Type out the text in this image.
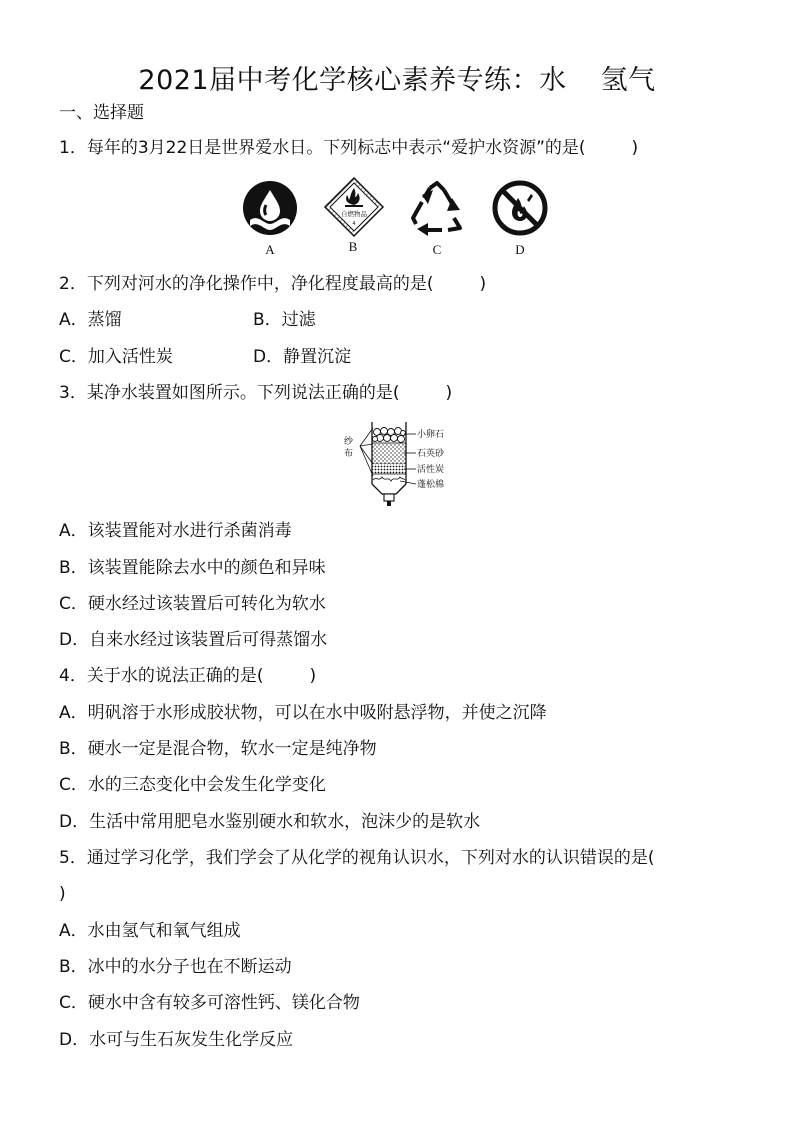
2021届中考化学核心素养专练：水 氢气
一、选择题
1．每年的3月22日是世界爱水日。下列标志中表示“爱护水资源”的是(	)
A
自燃物品
4
B	C	D
2．下列对河水的净化操作中，净化程度最高的是(	)
A．蒸馏	B．过滤
C．加入活性炭	D．静置沉淀
3．某净水装置如图所示。下列说法正确的是(	)
纱
布
小卵石
石英砂
活性炭
蓬松棉
A．该装置能对水进行杀菌消毒
B．该装置能除去水中的颜色和异味
C．硬水经过该装置后可转化为软水
D．自来水经过该装置后可得蒸馏水
4．关于水的说法正确的是(	)
A．明矾溶于水形成胶状物，可以在水中吸附悬浮物，并使之沉降
B．硬水一定是混合物，软水一定是纯净物
C．水的三态变化中会发生化学变化
D．生活中常用肥皂水鉴别硬水和软水，泡沫少的是软水
5．通过学习化学，我们学会了从化学的视角认识水，下列对水的认识错误的是(
)
A．水由氢气和氧气组成
B．冰中的水分子也在不断运动
C．硬水中含有较多可溶性钙、镁化合物
D．水可与生石灰发生化学反应
